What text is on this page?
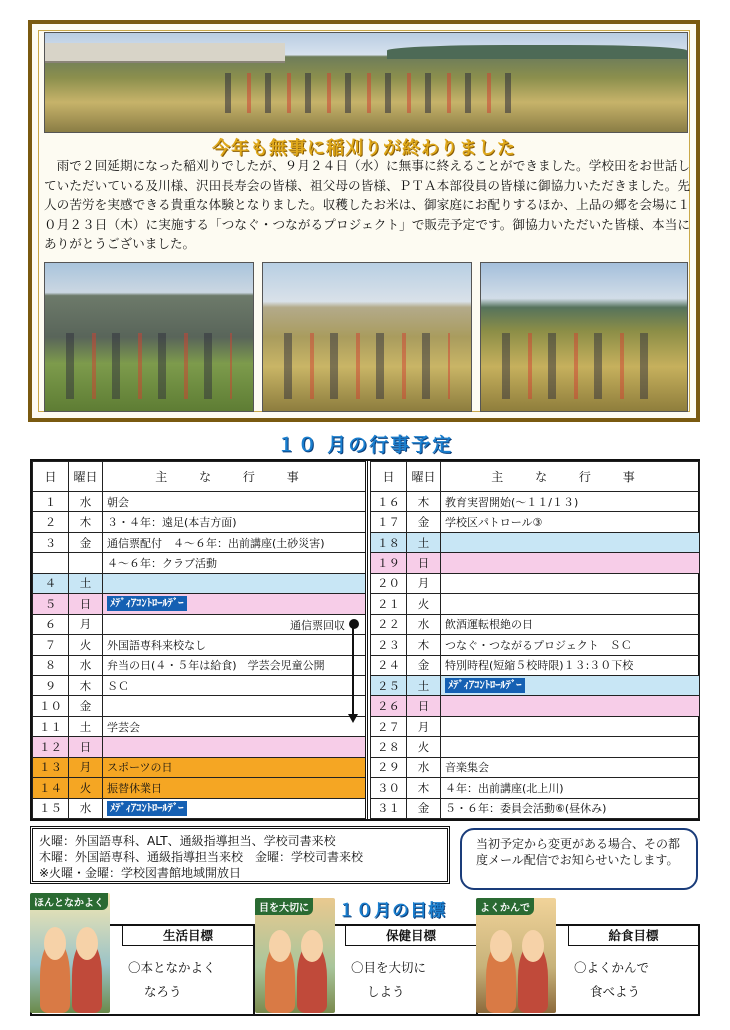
今年も無事に稲刈りが終わりました
雨で２回延期になった稲刈りでしたが、９月２４日（水）に無事に終えることができました。学校田をお世話していただいている及川様、沢田長寿会の皆様、祖父母の皆様、ＰＴＡ本部役員の皆様に御協力いただきました。先人の苦労を実感できる貴重な体験となりました。収穫したお米は、御家庭にお配りするほか、上品の郷を会場に１０月２３日（木）に実施する「つなぐ・つながるプロジェクト」で販売予定です。御協力いただいた皆様、本当にありがとうございました。
１０ 月の行事予定
日	曜日	主 な 行 事
１	水	朝会
２	木	３・４年：遠足(本吉方面)
３	金	通信票配付　４～６年：出前講座(土砂災害)
		４～６年：クラブ活動
４	土	
５	日	ﾒﾃﾞｨｱｺﾝﾄﾛｰﾙﾃﾞｰ
６	月	通信票回収

７	火	外国語専科来校なし
８	水	弁当の日(４・５年は給食)　学芸会児童公開
９	木	ＳＣ
１０	金	
１１	土	学芸会
１２	日	
１３	月	スポーツの日
１４	火	振替休業日
１５	水	ﾒﾃﾞｨｱｺﾝﾄﾛｰﾙﾃﾞｰ
日	曜日	主 な 行 事
１６	木	教育実習開始(～１１/１３)
１７	金	学校区パトロール③
１８	土	
１９	日	
２０	月	
２１	火	
２２	水	飲酒運転根絶の日
２３	木	つなぐ・つながるプロジェクト　ＳＣ
２４	金	特別時程(短縮５校時限)１３:３０下校
２５	土	ﾒﾃﾞｨｱｺﾝﾄﾛｰﾙﾃﾞｰ
２６	日	
２７	月	
２８	火	
２９	水	音楽集会
３０	木	４年：出前講座(北上川)
３１	金	５・６年：委員会活動⑥(昼休み)
火曜：外国語専科、ALT、通級指導担当、学校司書来校
木曜：外国語専科、通級指導担当来校　金曜：学校司書来校
※火曜・金曜：学校図書館地域開放日
当初予定から変更がある場合、その都度メール配信でお知らせいたします。
１０月の目標
生活目標
〇本となかよく
なろう
保健目標
〇目を大切に
しよう
給食目標
〇よくかんで
食べよう
ほんとなかよく	目を大切に	よくかんで
